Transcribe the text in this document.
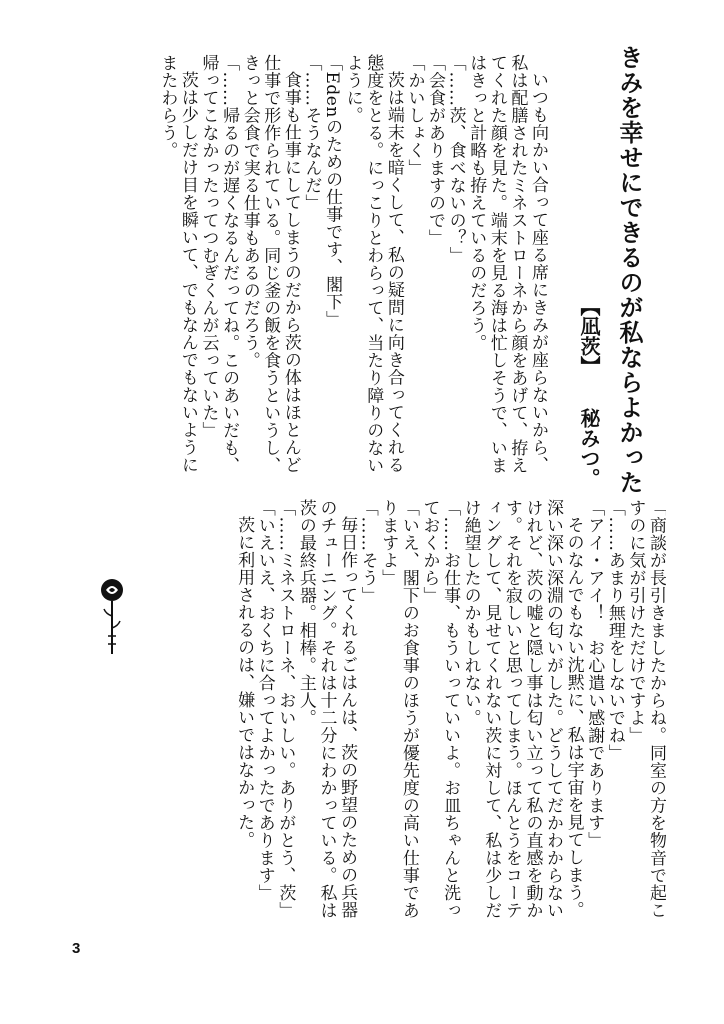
きみを幸せにできるのが私ならよかった
【凪茨】秘みつ。

いつも向かい合って座る席にきみが座らないから、私は配膳されたミネストローネから顔をあげて、拵えてくれた顔を見た。端末を見る海は忙しそうで、いまはきっと計略も拵えているのだろう。

「……茨、食べないの？」

「会食がありますので」

「かいしょく」

茨は端末を暗くして、私の疑問に向き合ってくれる態度をとる。にっこりとわらって、当たり障りのないように。

「Edenのための仕事です、閣下」

「……そうなんだ」

食事も仕事にしてしまうのだから茨の体はほとんど仕事で形作られている。同じ釜の飯を食うというし、きっと会食で実る仕事もあるのだろう。

「……帰るのが遅くなるんだってね。このあいだも、帰ってこなかったってつむぎくんが云っていた」

茨は少しだけ目を瞬いて、でもなんでもないようにまたわらう。

「商談が長引きましたからね。同室の方を物音で起こすのに気が引けただけですよ」

「……あまり無理をしないでね」

「アイ・アイ！　お心遣い感謝であります」

そのなんでもない沈黙に、私は宇宙を見てしまう。深い深い深淵の匂いがした。どうしてだかわからないけれど、茨の嘘と隠し事は匂い立って私の直感を動かす。それを寂しいと思ってしまう。ほんとうをコーティングして、見せてくれない茨に対して、私は少しだけ絶望したのかもしれない。

「……お仕事、もういっていいよ。お皿ちゃんと洗っておくから」

「いえ、閣下のお食事のほうが優先度の高い仕事でありますよ」

「……そう」

毎日作ってくれるごはんは、茨の野望のための兵器のチューニング。それは十二分にわかっている。私は茨の最終兵器。相棒。主人。

「……ミネストローネ、おいしい。ありがとう、茨」

「いえいえ、おくちに合ってよかったであります」

茨に利用されるのは、嫌いではなかった。

3
